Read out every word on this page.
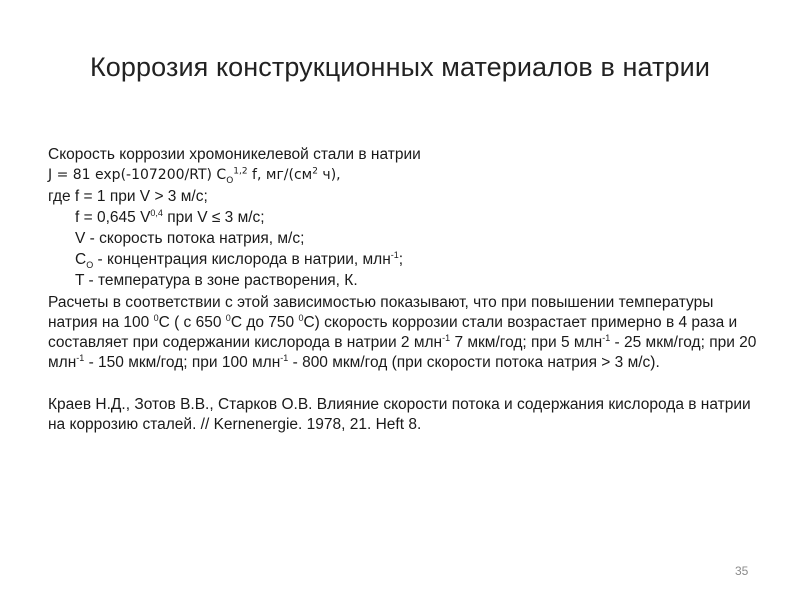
Коррозия конструкционных материалов в натрии
Скорость коррозии хромоникелевой стали в натрии
J = 81 exp(-107200/RT) $C_O^{1,2}$ f, $мг/(см^2$ ч),
где f = 1 при V > 3 м/с;
f = 0,645 V$^{0,4}$ при V ≤ 3 м/с;
V - скорость потока натрия, м/с;
$C_O$ - концентрация кислорода в натрии, млн$^{-1}$;
T - температура в зоне растворения, К.
Расчеты в соответствии с этой зависимостью показывают, что при повышении температуры натрия на 100 $^0$C ( с 650 $^0$C до 750 $^0$C) скорость коррозии стали возрастает примерно в 4 раза и составляет при содержании кислорода в натрии 2 млн$^{-1}$ 7 мкм/год; при 5 млн$^{-1}$ - 25 мкм/год; при 20 млн$^{-1}$ - 150 мкм/год; при 100 млн$^{-1}$ - 800 мкм/год (при скорости потока натрия > 3 м/с).
Краев Н.Д., Зотов В.В., Старков О.В. Влияние скорости потока и содержания кислорода в натрии на коррозию сталей. // Kernenergie. 1978, 21. Heft 8.
35
